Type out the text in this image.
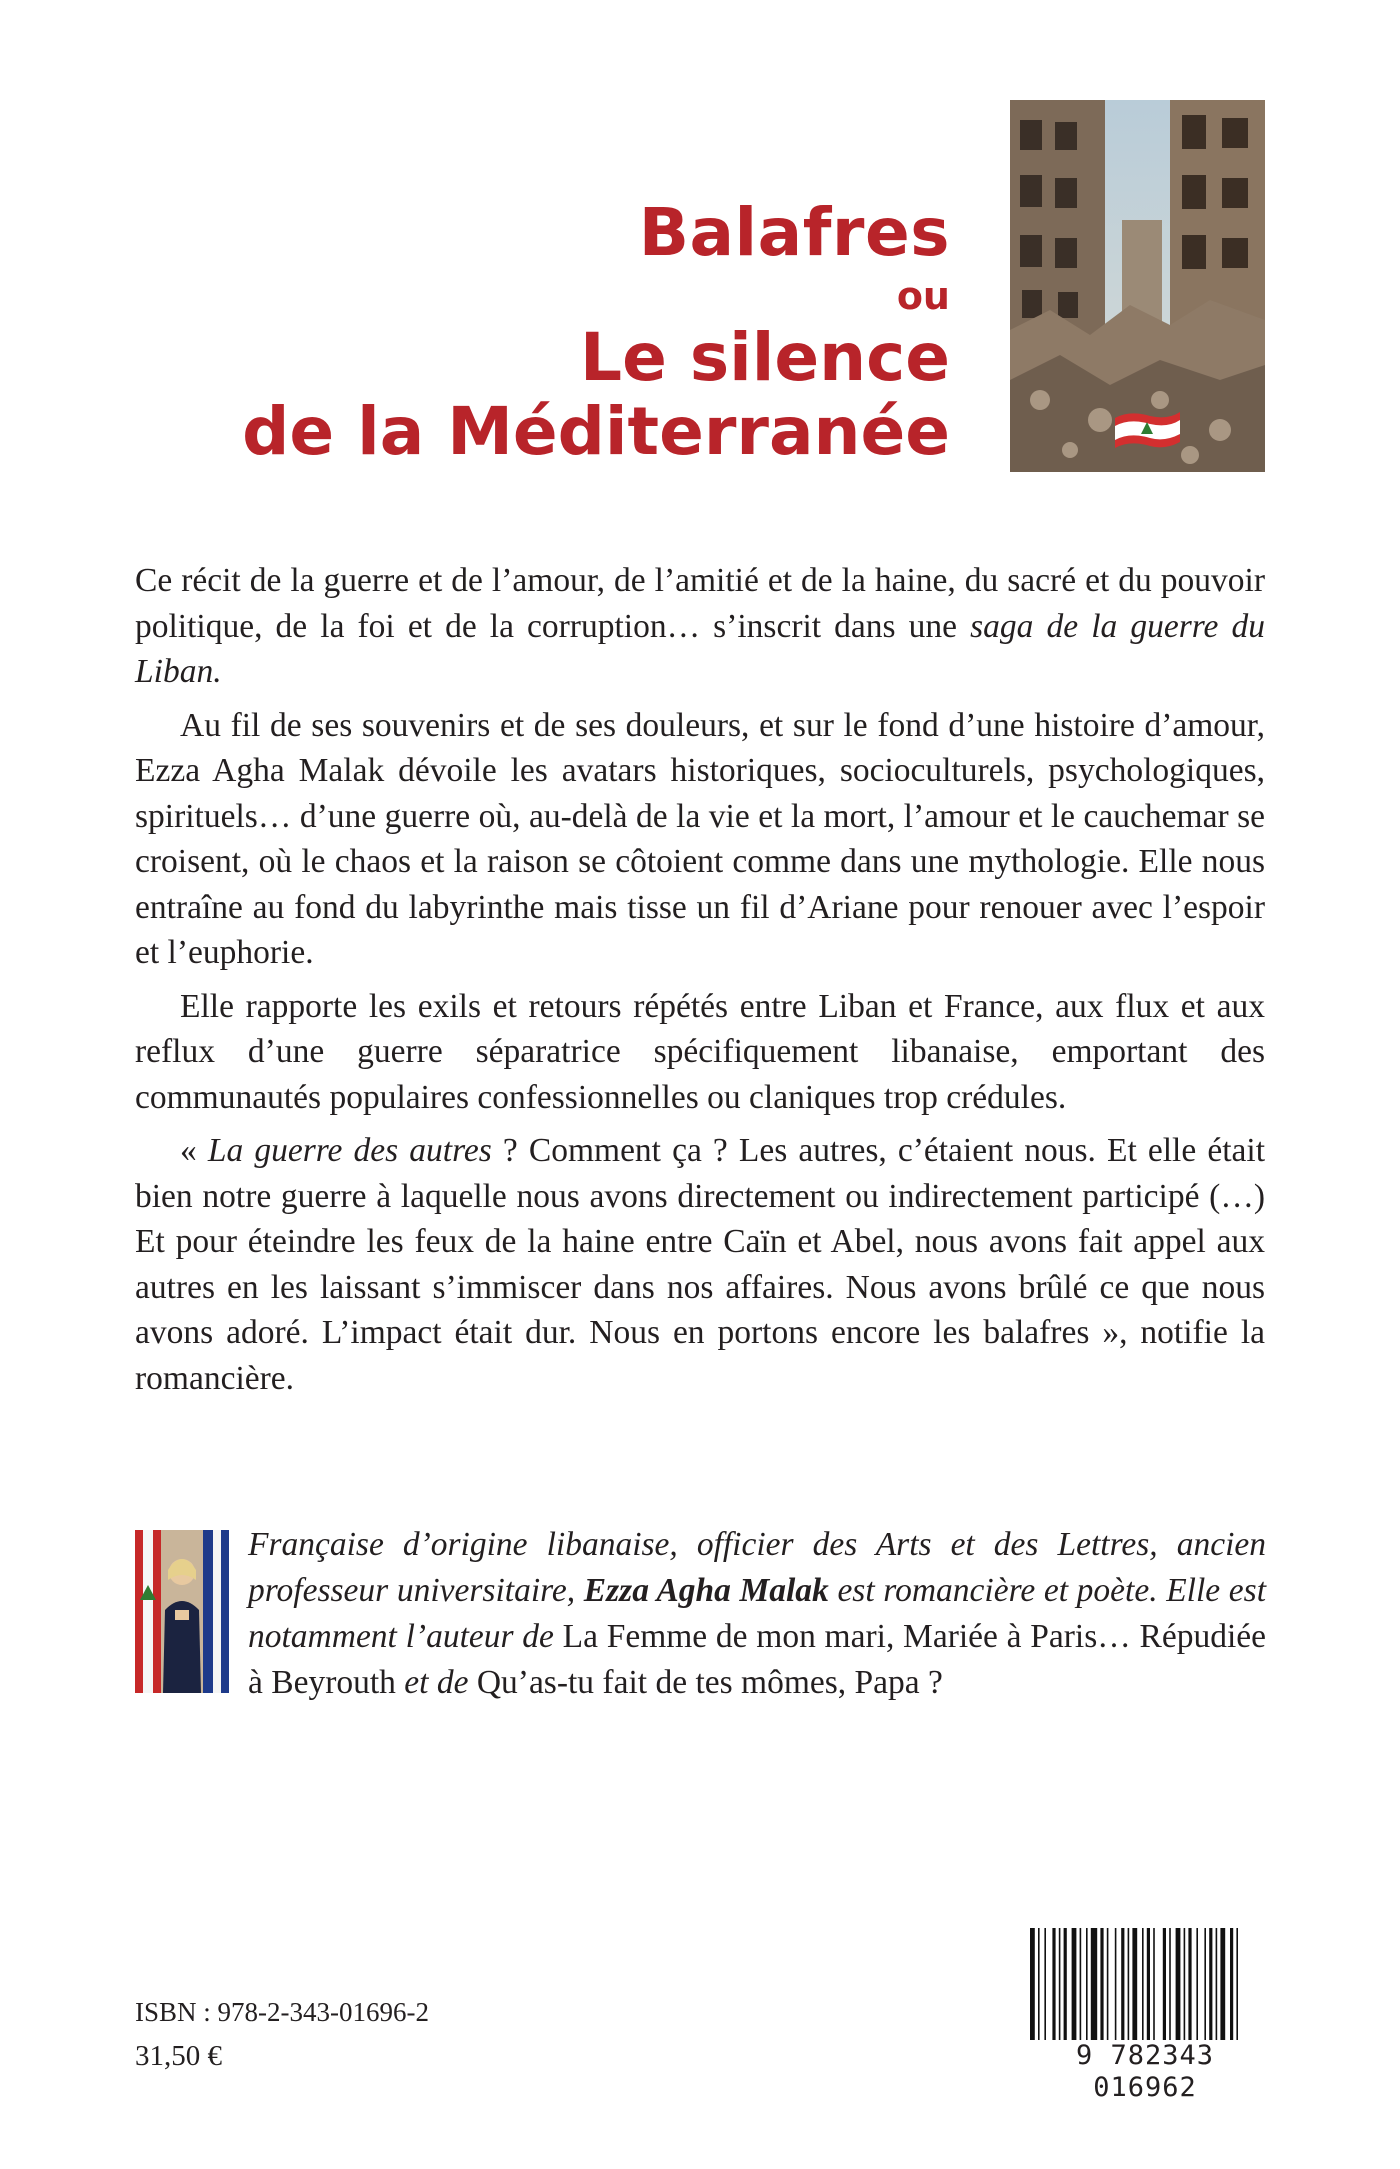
Balafres
ou
Le silence
de la Méditerranée

Ce récit de la guerre et de l’amour, de l’amitié et de la haine, du sacré et du pouvoir politique, de la foi et de la corruption… s’inscrit dans une saga de la guerre du Liban.

Au fil de ses souvenirs et de ses douleurs, et sur le fond d’une histoire d’amour, Ezza Agha Malak dévoile les avatars historiques, socioculturels, psychologiques, spirituels… d’une guerre où, au-delà de la vie et la mort, l’amour et le cauchemar se croisent, où le chaos et la raison se côtoient comme dans une mythologie. Elle nous entraîne au fond du labyrinthe mais tisse un fil d’Ariane pour renouer avec l’espoir et l’euphorie.

Elle rapporte les exils et retours répétés entre Liban et France, aux flux et aux reflux d’une guerre séparatrice spécifiquement libanaise, emportant des communautés populaires confessionnelles ou claniques trop crédules.

« La guerre des autres ? Comment ça ? Les autres, c’étaient nous. Et elle était bien notre guerre à laquelle nous avons directement ou indirectement participé (…) Et pour éteindre les feux de la haine entre Caïn et Abel, nous avons fait appel aux autres en les laissant s’immiscer dans nos affaires. Nous avons brûlé ce que nous avons adoré. L’impact était dur. Nous en portons encore les balafres », notifie la romancière.

Française d’origine libanaise, officier des Arts et des Lettres, ancien professeur universitaire, Ezza Agha Malak est romancière et poète. Elle est notamment l’auteur de La Femme de mon mari, Mariée à Paris… Répudiée à Beyrouth et de Qu’as-tu fait de tes mômes, Papa ?
ISBN : 978-2-343-01696-2
31,50 €	9 782343 016962
